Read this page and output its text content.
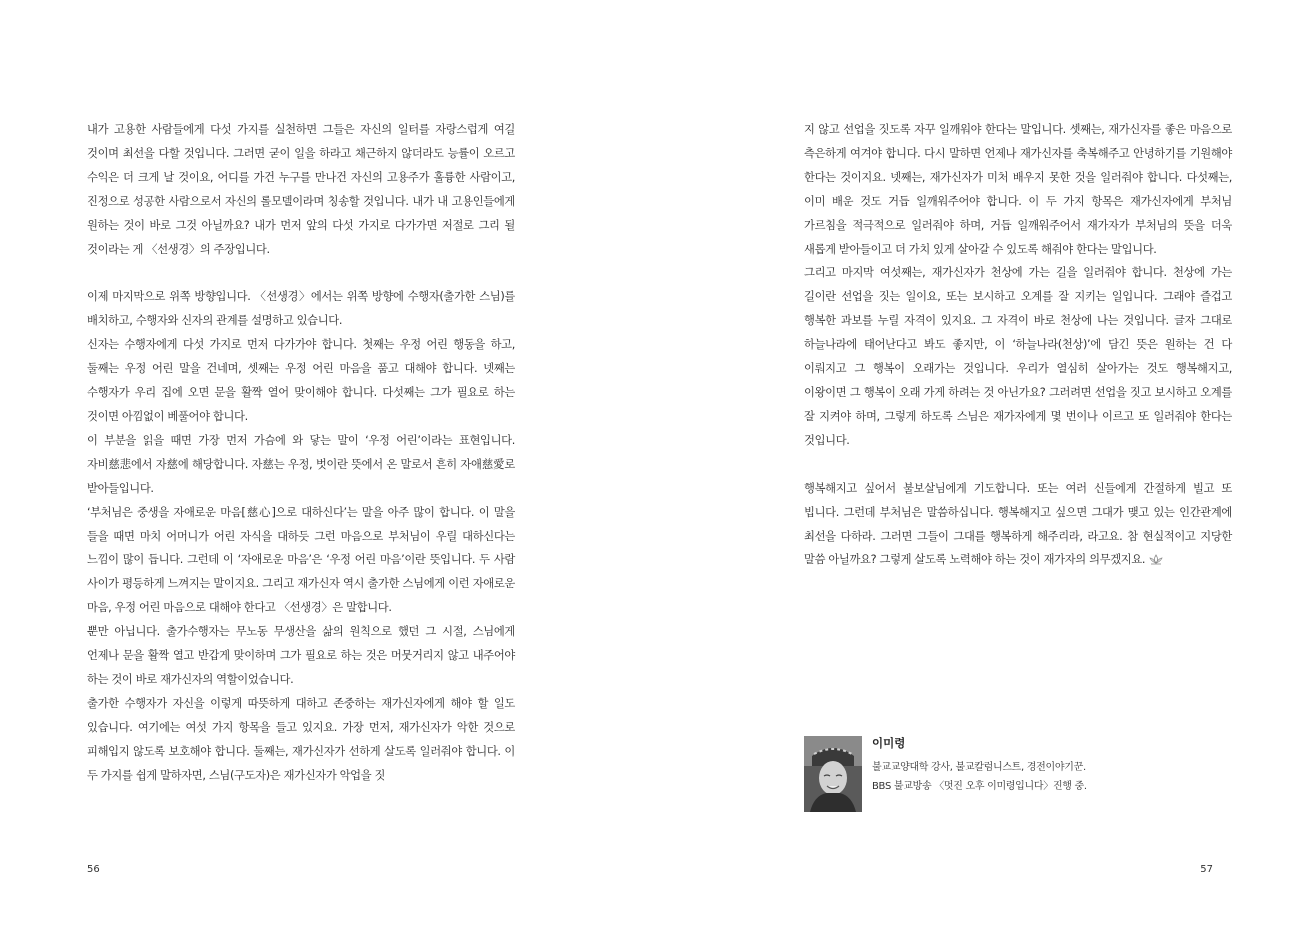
내가 고용한 사람들에게 다섯 가지를 실천하면 그들은 자신의 일터를 자랑스럽게 여길 것이며 최선을 다할 것입니다. 그러면 굳이 일을 하라고 채근하지 않더라도 능률이 오르고 수익은 더 크게 날 것이요, 어디를 가건 누구를 만나건 자신의 고용주가 훌륭한 사람이고, 진정으로 성공한 사람으로서 자신의 롤모델이라며 칭송할 것입니다. 내가 내 고용인들에게 원하는 것이 바로 그것 아닐까요? 내가 먼저 앞의 다섯 가지로 다가가면 저절로 그리 될 것이라는 게 〈선생경〉의 주장입니다.

이제 마지막으로 위쪽 방향입니다. 〈선생경〉에서는 위쪽 방향에 수행자(출가한 스님)를 배치하고, 수행자와 신자의 관계를 설명하고 있습니다.

신자는 수행자에게 다섯 가지로 먼저 다가가야 합니다. 첫째는 우정 어린 행동을 하고, 둘째는 우정 어린 말을 건네며, 셋째는 우정 어린 마음을 품고 대해야 합니다. 넷째는 수행자가 우리 집에 오면 문을 활짝 열어 맞이해야 합니다. 다섯째는 그가 필요로 하는 것이면 아낌없이 베풀어야 합니다.

이 부분을 읽을 때면 가장 먼저 가슴에 와 닿는 말이 ‘우정 어린’이라는 표현입니다. 자비慈悲에서 자慈에 해당합니다. 자慈는 우정, 벗이란 뜻에서 온 말로서 흔히 자애慈愛로 받아들입니다.

‘부처님은 중생을 자애로운 마음[慈心]으로 대하신다’는 말을 아주 많이 합니다. 이 말을 들을 때면 마치 어머니가 어린 자식을 대하듯 그런 마음으로 부처님이 우릴 대하신다는 느낌이 많이 듭니다. 그런데 이 ‘자애로운 마음’은 ‘우정 어린 마음’이란 뜻입니다. 두 사람 사이가 평등하게 느껴지는 말이지요. 그리고 재가신자 역시 출가한 스님에게 이런 자애로운 마음, 우정 어린 마음으로 대해야 한다고 〈선생경〉은 말합니다.

뿐만 아닙니다. 출가수행자는 무노동 무생산을 삶의 원칙으로 했던 그 시절, 스님에게 언제나 문을 활짝 열고 반갑게 맞이하며 그가 필요로 하는 것은 머뭇거리지 않고 내주어야 하는 것이 바로 재가신자의 역할이었습니다.

출가한 수행자가 자신을 이렇게 따뜻하게 대하고 존중하는 재가신자에게 해야 할 일도 있습니다. 여기에는 여섯 가지 항목을 들고 있지요. 가장 먼저, 재가신자가 악한 것으로 피해입지 않도록 보호해야 합니다. 둘째는, 재가신자가 선하게 살도록 일러줘야 합니다. 이 두 가지를 쉽게 말하자면, 스님(구도자)은 재가신자가 악업을 짓

56

지 않고 선업을 짓도록 자꾸 일깨워야 한다는 말입니다. 셋째는, 재가신자를 좋은 마음으로 측은하게 여겨야 합니다. 다시 말하면 언제나 재가신자를 축복해주고 안녕하기를 기원해야 한다는 것이지요. 넷째는, 재가신자가 미처 배우지 못한 것을 일러줘야 합니다. 다섯째는, 이미 배운 것도 거듭 일깨워주어야 합니다. 이 두 가지 항목은 재가신자에게 부처님 가르침을 적극적으로 일러줘야 하며, 거듭 일깨워주어서 재가자가 부처님의 뜻을 더욱 새롭게 받아들이고 더 가치 있게 살아갈 수 있도록 해줘야 한다는 말입니다.

그리고 마지막 여섯째는, 재가신자가 천상에 가는 길을 일러줘야 합니다. 천상에 가는 길이란 선업을 짓는 일이요, 또는 보시하고 오계를 잘 지키는 일입니다. 그래야 즐겁고 행복한 과보를 누릴 자격이 있지요. 그 자격이 바로 천상에 나는 것입니다. 글자 그대로 하늘나라에 태어난다고 봐도 좋지만, 이 ‘하늘나라(천상)’에 담긴 뜻은 원하는 건 다 이뤄지고 그 행복이 오래가는 것입니다. 우리가 열심히 살아가는 것도 행복해지고, 이왕이면 그 행복이 오래 가게 하려는 것 아닌가요? 그러려면 선업을 짓고 보시하고 오계를 잘 지켜야 하며, 그렇게 하도록 스님은 재가자에게 몇 번이나 이르고 또 일러줘야 한다는 것입니다.

행복해지고 싶어서 불보살님에게 기도합니다. 또는 여러 신들에게 간절하게 빌고 또 빕니다. 그런데 부처님은 말씀하십니다. 행복해지고 싶으면 그대가 맺고 있는 인간관계에 최선을 다하라. 그러면 그들이 그대를 행복하게 해주리라, 라고요. 참 현실적이고 지당한 말씀 아닐까요? 그렇게 살도록 노력해야 하는 것이 재가자의 의무겠지요.

이미령

불교교양대학 강사, 불교칼럼니스트, 경전이야기꾼.

BBS 불교방송 〈멋진 오후 이미령입니다〉진행 중.

57
